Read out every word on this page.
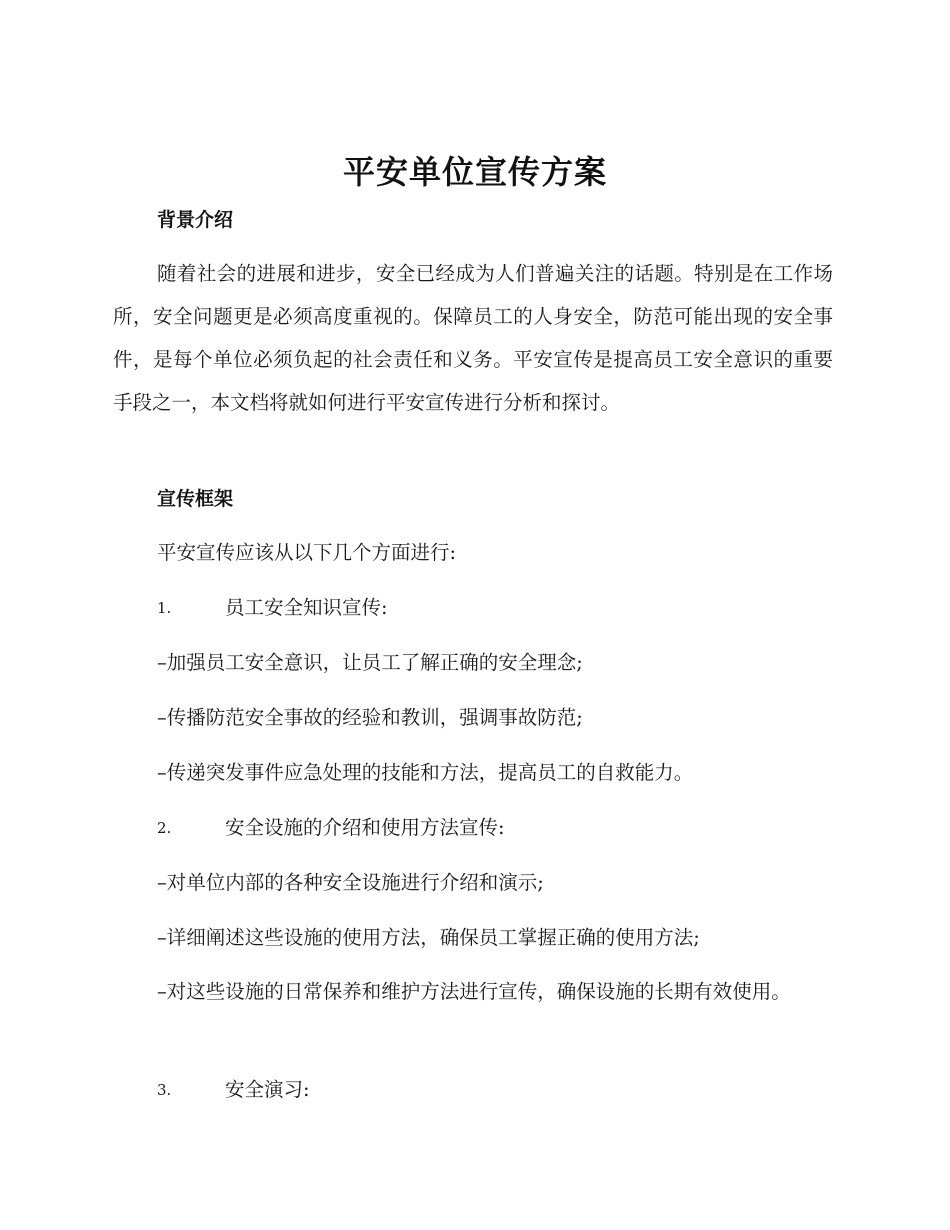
平安单位宣传方案
背景介绍

随着社会的进展和进步，安全已经成为人们普遍关注的话题。特别是在工作场所，安全问题更是必须高度重视的。保障员工的人身安全，防范可能出现的安全事件，是每个单位必须负起的社会责任和义务。平安宣传是提高员工安全意识的重要手段之一，本文档将就如何进行平安宣传进行分析和探讨。

宣传框架

平安宣传应该从以下几个方面进行:

1.	员工安全知识宣传:

–加强员工安全意识，让员工了解正确的安全理念;

–传播防范安全事故的经验和教训，强调事故防范;

–传递突发事件应急处理的技能和方法，提高员工的自救能力。

2.	安全设施的介绍和使用方法宣传:

–对单位内部的各种安全设施进行介绍和演示;

–详细阐述这些设施的使用方法，确保员工掌握正确的使用方法;

–对这些设施的日常保养和维护方法进行宣传，确保设施的长期有效使用。

3.	安全演习:
